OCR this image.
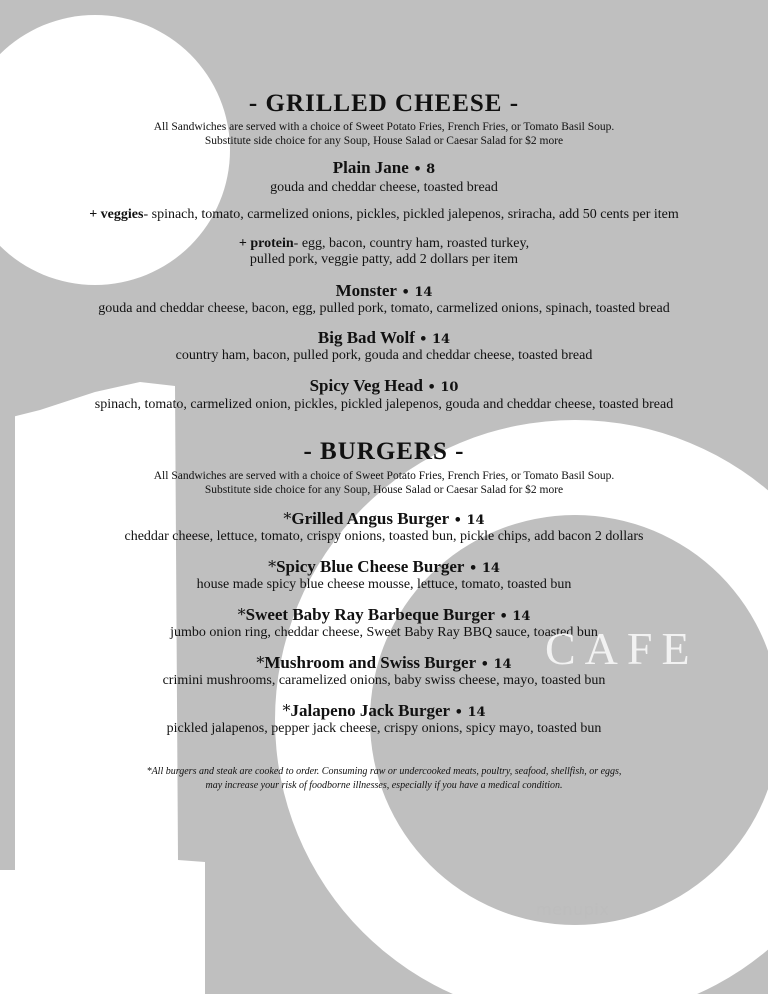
- GRILLED CHEESE -
All Sandwiches are served with a choice of Sweet Potato Fries, French Fries, or Tomato Basil Soup.
Substitute side choice for any Soup, House Salad or Caesar Salad for $2 more
Plain Jane • 8
gouda and cheddar cheese, toasted bread
+ veggies- spinach, tomato, carmelized onions, pickles, pickled jalepenos, sriracha, add 50 cents per item
+ protein- egg, bacon, country ham, roasted turkey,
pulled pork, veggie patty, add 2 dollars per item
Monster • 14
gouda and cheddar cheese, bacon, egg, pulled pork, tomato, carmelized onions, spinach, toasted bread
Big Bad Wolf • 14
country ham, bacon, pulled pork, gouda and cheddar cheese, toasted bread
Spicy Veg Head • 10
spinach, tomato, carmelized onion, pickles, pickled jalepenos, gouda and cheddar cheese, toasted bread
- BURGERS -
All Sandwiches are served with a choice of Sweet Potato Fries, French Fries, or Tomato Basil Soup.
Substitute side choice for any Soup, House Salad or Caesar Salad for $2 more
*Grilled Angus Burger • 14
cheddar cheese, lettuce, tomato, crispy onions, toasted bun, pickle chips, add bacon 2 dollars
*Spicy Blue Cheese Burger • 14
house made spicy blue cheese mousse, lettuce, tomato, toasted bun
*Sweet Baby Ray Barbeque Burger • 14
jumbo onion ring, cheddar cheese, Sweet Baby Ray BBQ sauce, toasted bun
*Mushroom and Swiss Burger • 14
crimini mushrooms, caramelized onions, baby swiss cheese, mayo, toasted bun
*Jalapeno Jack Burger • 14
pickled jalapenos, pepper jack cheese, crispy onions, spicy mayo, toasted bun
*All burgers and steak are cooked to order. Consuming raw or undercooked meats, poultry, seafood, shellfish, or eggs,
may increase your risk of foodborne illnesses, especially if you have a medical condition.
CAFE
menupix
